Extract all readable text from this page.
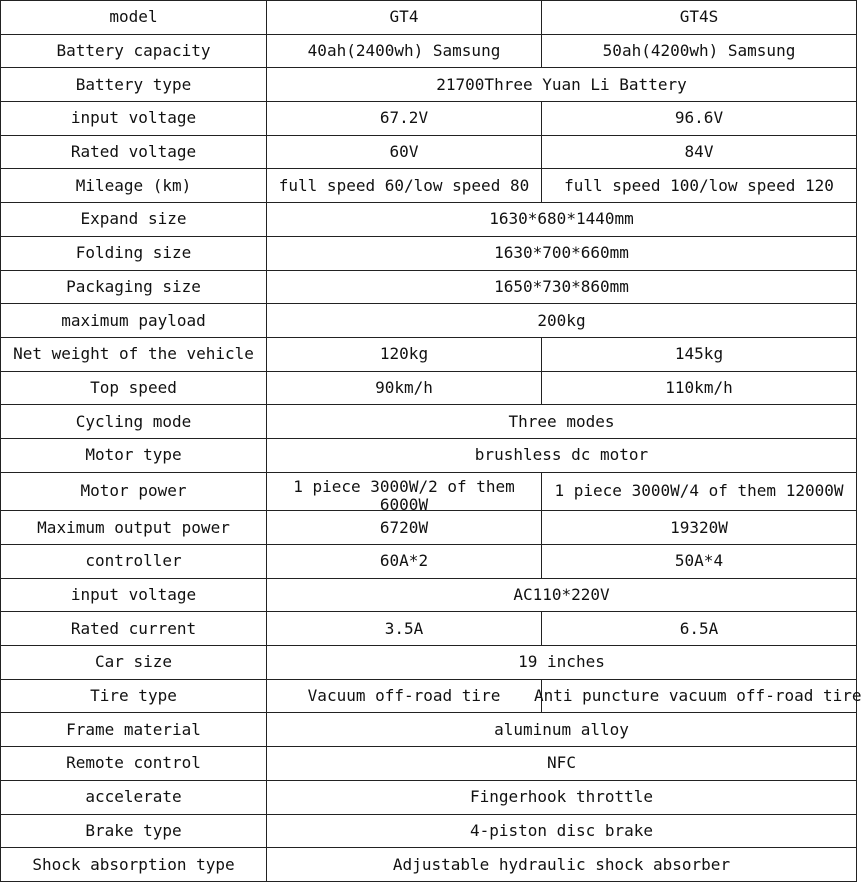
model	GT4	GT4S
Battery capacity	40ah(2400wh) Samsung	50ah(4200wh) Samsung
Battery type	21700Three Yuan Li Battery	
input voltage	67.2V	96.6V
Rated voltage	60V	84V
Mileage (km)	full speed 60/low speed 80	full speed 100/low speed 120
Expand size	1630*680*1440mm	
Folding size	1630*700*660mm	
Packaging size	1650*730*860mm	
maximum payload	200kg	
Net weight of the vehicle	120kg	145kg
Top speed	90km/h	110km/h
Cycling mode	Three modes	
Motor type	brushless dc motor	
Motor power	1 piece 3000W/2 of them 6000W	1 piece 3000W/4 of them 12000W
Maximum output power	6720W	19320W
controller	60A*2	50A*4
input voltage	AC110*220V	
Rated current	3.5A	6.5A
Car size	19 inches	
Tire type	Vacuum off-road tire	Anti puncture vacuum off-road tire
Frame material	aluminum alloy	
Remote control	NFC	
accelerate	Fingerhook throttle	
Brake type	4-piston disc brake	
Shock absorption type	Adjustable hydraulic shock absorber	
